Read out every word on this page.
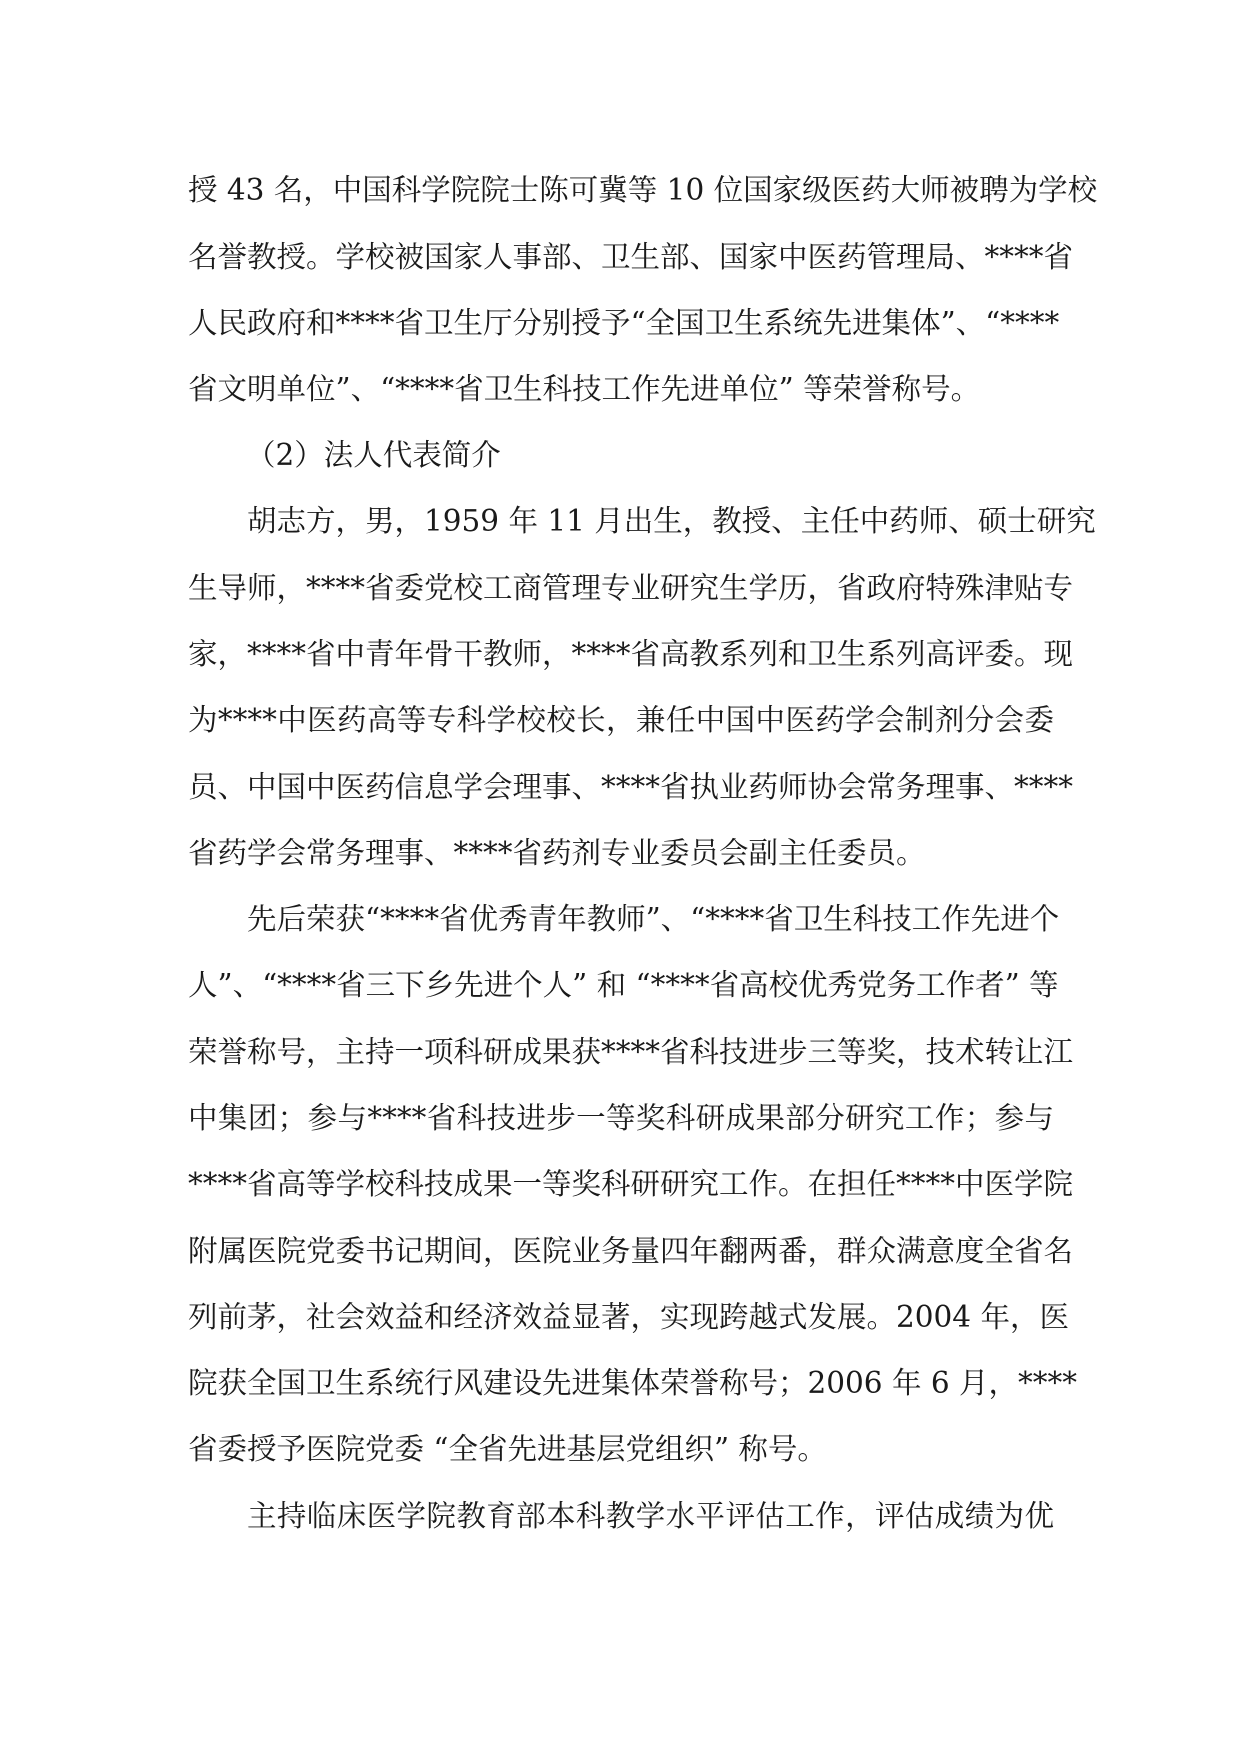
授 43 名，中国科学院院士陈可冀等 10 位国家级医药大师被聘为学校
名誉教授。学校被国家人事部、卫生部、国家中医药管理局、****省
人民政府和****省卫生厅分别授予“全国卫生系统先进集体”、“****
省文明单位”、“****省卫生科技工作先进单位” 等荣誉称号。
（2）法人代表简介
胡志方，男，1959 年 11 月出生，教授、主任中药师、硕士研究
生导师，****省委党校工商管理专业研究生学历，省政府特殊津贴专
家，****省中青年骨干教师，****省高教系列和卫生系列高评委。现
为****中医药高等专科学校校长，兼任中国中医药学会制剂分会委
员、中国中医药信息学会理事、****省执业药师协会常务理事、****
省药学会常务理事、****省药剂专业委员会副主任委员。
先后荣获“****省优秀青年教师”、“****省卫生科技工作先进个
人”、“****省三下乡先进个人” 和 “****省高校优秀党务工作者” 等
荣誉称号，主持一项科研成果获****省科技进步三等奖，技术转让江
中集团；参与****省科技进步一等奖科研成果部分研究工作；参与
****省高等学校科技成果一等奖科研研究工作。在担任****中医学院
附属医院党委书记期间，医院业务量四年翻两番，群众满意度全省名
列前茅，社会效益和经济效益显著，实现跨越式发展。2004 年，医
院获全国卫生系统行风建设先进集体荣誉称号；2006 年 6 月，****
省委授予医院党委 “全省先进基层党组织” 称号。
主持临床医学院教育部本科教学水平评估工作，评估成绩为优
